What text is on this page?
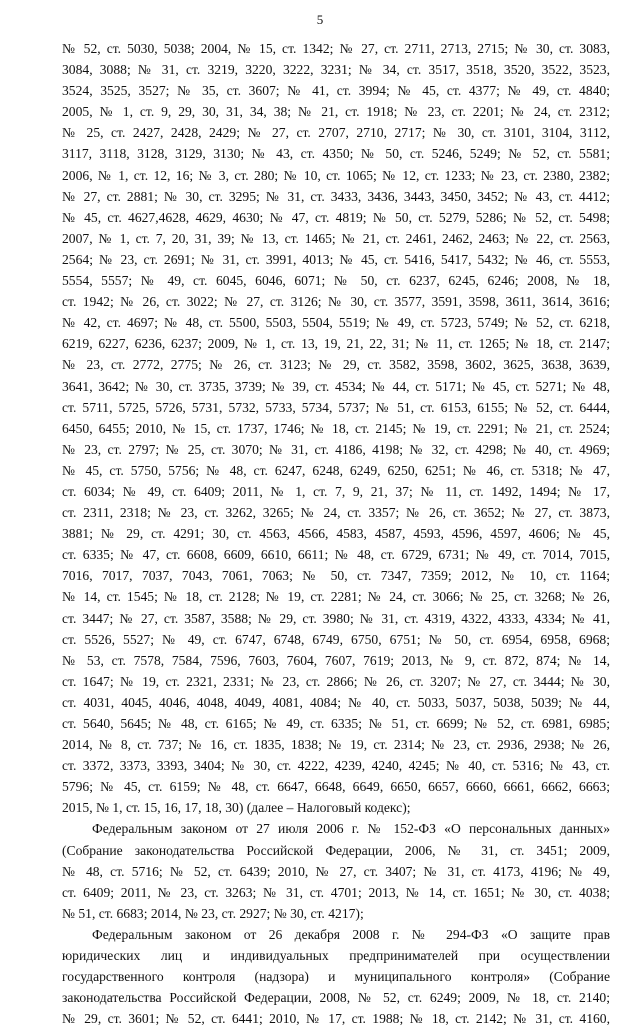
5
№ 52, ст. 5030, 5038; 2004, № 15, ст. 1342; № 27, ст. 2711, 2713, 2715; № 30, ст. 3083,
3084, 3088; № 31, ст. 3219, 3220, 3222, 3231; № 34, ст. 3517, 3518, 3520, 3522, 3523,
3524, 3525, 3527; № 35, ст. 3607; № 41, ст. 3994; № 45, ст. 4377; № 49, ст. 4840;
2005, № 1, ст. 9, 29, 30, 31, 34, 38; № 21, ст. 1918; № 23, ст. 2201; № 24, ст. 2312;
№ 25, ст. 2427, 2428, 2429; № 27, ст. 2707, 2710, 2717; № 30, ст. 3101, 3104, 3112,
3117, 3118, 3128, 3129, 3130; № 43, ст. 4350; № 50, ст. 5246, 5249; № 52, ст. 5581;
2006, № 1, ст. 12, 16; № 3, ст. 280; № 10, ст. 1065; № 12, ст. 1233; № 23, ст. 2380, 2382;
№ 27, ст. 2881; № 30, ст. 3295; № 31, ст. 3433, 3436, 3443, 3450, 3452; № 43, ст. 4412;
№ 45, ст. 4627,4628, 4629, 4630; № 47, ст. 4819; № 50, ст. 5279, 5286; № 52, ст. 5498;
2007, № 1, ст. 7, 20, 31, 39; № 13, ст. 1465; № 21, ст. 2461, 2462, 2463; № 22, ст. 2563,
2564; № 23, ст. 2691; № 31, ст. 3991, 4013; № 45, ст. 5416, 5417, 5432; № 46, ст. 5553,
5554, 5557; № 49, ст. 6045, 6046, 6071; № 50, ст. 6237, 6245, 6246; 2008, № 18,
ст. 1942; № 26, ст. 3022; № 27, ст. 3126; № 30, ст. 3577, 3591, 3598, 3611, 3614, 3616;
№ 42, ст. 4697; № 48, ст. 5500, 5503, 5504, 5519; № 49, ст. 5723, 5749; № 52, ст. 6218,
6219, 6227, 6236, 6237; 2009, № 1, ст. 13, 19, 21, 22, 31; № 11, ст. 1265; № 18, ст. 2147;
№ 23, ст. 2772, 2775; № 26, ст. 3123; № 29, ст. 3582, 3598, 3602, 3625, 3638, 3639,
3641, 3642; № 30, ст. 3735, 3739; № 39, ст. 4534; № 44, ст. 5171; № 45, ст. 5271; № 48,
ст. 5711, 5725, 5726, 5731, 5732, 5733, 5734, 5737; № 51, ст. 6153, 6155; № 52, ст. 6444,
6450, 6455; 2010, № 15, ст. 1737, 1746; № 18, ст. 2145; № 19, ст. 2291; № 21, ст. 2524;
№ 23, ст. 2797; № 25, ст. 3070; № 31, ст. 4186, 4198; № 32, ст. 4298; № 40, ст. 4969;
№ 45, ст. 5750, 5756; № 48, ст. 6247, 6248, 6249, 6250, 6251; № 46, ст. 5318; № 47,
ст. 6034; № 49, ст. 6409; 2011, № 1, ст. 7, 9, 21, 37; № 11, ст. 1492, 1494; № 17,
ст. 2311, 2318; № 23, ст. 3262, 3265; № 24, ст. 3357; № 26, ст. 3652; № 27, ст. 3873,
3881; № 29, ст. 4291; 30, ст. 4563, 4566, 4583, 4587, 4593, 4596, 4597, 4606; № 45,
ст. 6335; № 47, ст. 6608, 6609, 6610, 6611; № 48, ст. 6729, 6731; № 49, ст. 7014, 7015,
7016, 7017, 7037, 7043, 7061, 7063; № 50, ст. 7347, 7359; 2012, № 10, ст. 1164;
№ 14, ст. 1545; № 18, ст. 2128; № 19, ст. 2281; № 24, ст. 3066; № 25, ст. 3268; № 26,
ст. 3447; № 27, ст. 3587, 3588; № 29, ст. 3980; № 31, ст. 4319, 4322, 4333, 4334; № 41,
ст. 5526, 5527; № 49, ст. 6747, 6748, 6749, 6750, 6751; № 50, ст. 6954, 6958, 6968;
№ 53, ст. 7578, 7584, 7596, 7603, 7604, 7607, 7619; 2013, № 9, ст. 872, 874; № 14,
ст. 1647; № 19, ст. 2321, 2331; № 23, ст. 2866; № 26, ст. 3207; № 27, ст. 3444; № 30,
ст. 4031, 4045, 4046, 4048, 4049, 4081, 4084; № 40, ст. 5033, 5037, 5038, 5039; № 44,
ст. 5640, 5645; № 48, ст. 6165; № 49, ст. 6335; № 51, ст. 6699; № 52, ст. 6981, 6985;
2014, № 8, ст. 737; № 16, ст. 1835, 1838; № 19, ст. 2314; № 23, ст. 2936, 2938; № 26,
ст. 3372, 3373, 3393, 3404; № 30, ст. 4222, 4239, 4240, 4245; № 40, ст. 5316; № 43, ст.
5796; № 45, ст. 6159; № 48, ст. 6647, 6648, 6649, 6650, 6657, 6660, 6661, 6662, 6663;
2015, № 1, ст. 15, 16, 17, 18, 30) (далее – Налоговый кодекс);
Федеральным законом от 27 июля 2006 г. № 152-ФЗ «О персональных данных»
(Собрание законодательства Российской Федерации, 2006, № 31, ст. 3451; 2009,
№ 48, ст. 5716; № 52, ст. 6439; 2010, № 27, ст. 3407; № 31, ст. 4173, 4196; № 49,
ст. 6409; 2011, № 23, ст. 3263; № 31, ст. 4701; 2013, № 14, ст. 1651; № 30, ст. 4038;
№ 51, ст. 6683; 2014, № 23, ст. 2927; № 30, ст. 4217);
Федеральным законом от 26 декабря 2008 г. № 294-ФЗ «О защите прав
юридических лиц и индивидуальных предпринимателей при осуществлении
государственного контроля (надзора) и муниципального контроля» (Собрание
законодательства Российской Федерации, 2008, № 52, ст. 6249; 2009, № 18, ст. 2140;
№ 29, ст. 3601; № 52, ст. 6441; 2010, № 17, ст. 1988; № 18, ст. 2142; № 31, ст. 4160,
